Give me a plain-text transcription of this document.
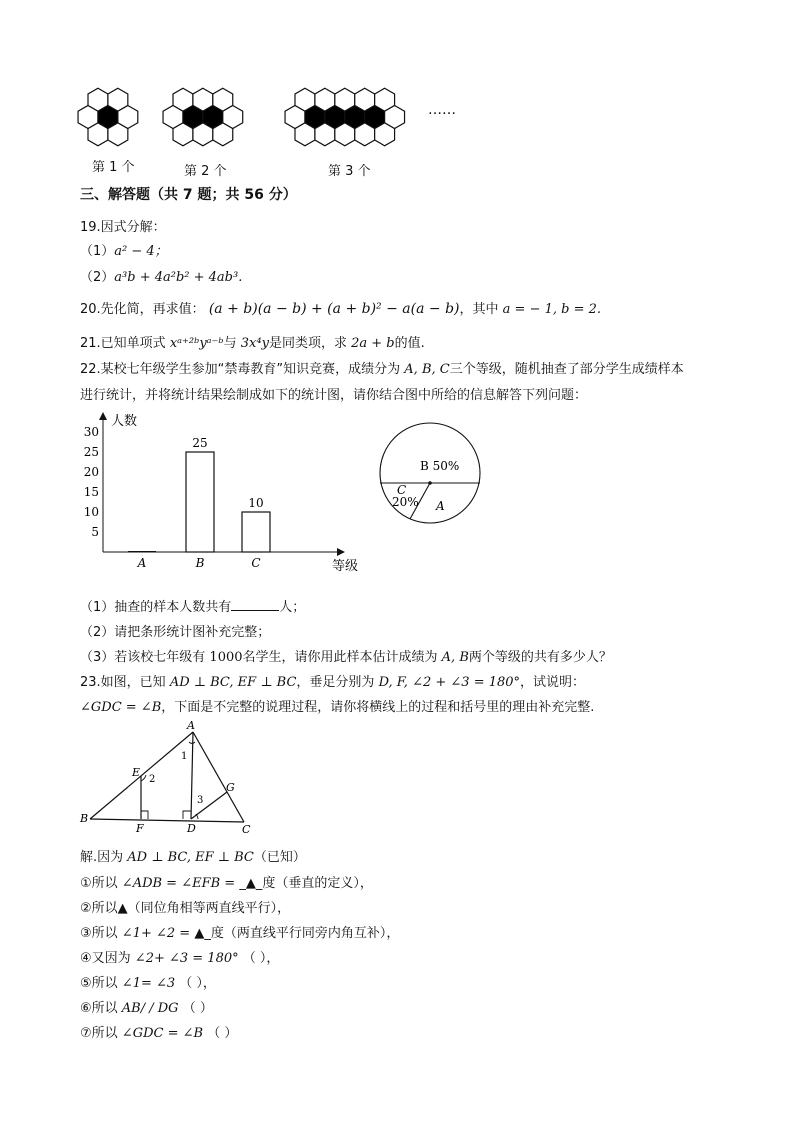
……
第 1 个	第 2 个	第 3 个
三、解答题（共 7 题；共 56 分）
19.因式分解：
（1）a² − 4；
（2）a³b + 4a²b² + 4ab³.
20.先化简，再求值： (a + b)(a − b) + (a + b)² − a(a − b)，其中 a = − 1, b = 2.
21.已知单项式 xᵃ⁺²ᵇyᵃ⁻ᵇ与 3x⁴y是同类项，求 2a + b的值.
22.某校七年级学生参加“禁毒教育”知识竞赛，成绩分为 A, B, C三个等级，随机抽查了部分学生成绩样本
进行统计，并将统计结果绘制成如下的统计图，请你结合图中所给的信息解答下列问题：
人数
等级
5
10
15
20
25
30
A
25
B
10
C
B 50%
C
20% A
（1）抽查的样本人数共有	人；
（2）请把条形统计图补充完整；
（3）若该校七年级有 1000名学生，请你用此样本估计成绩为 A, B两个等级的共有多少人？
23.如图，已知 AD ⊥ BC, EF ⊥ BC，垂足分别为 D, F, ∠2 + ∠3 = 180°，试说明：
∠GDC = ∠B，下面是不完整的说理过程，请你将横线上的过程和括号里的理由补充完整.
A
B
C
D
E
F
G
1
2
3
解.因为 AD ⊥ BC, EF ⊥ BC（已知）
①所以 ∠ADB = ∠EFB = _▲_度（垂直的定义），
②所以▲（同位角相等两直线平行），
③所以 ∠1+ ∠2 = ▲_度（两直线平行同旁内角互补），
④又因为 ∠2+ ∠3 = 180° （ ），
⑤所以 ∠1= ∠3 （ ），
⑥所以 AB/ / DG （ ）
⑦所以 ∠GDC = ∠B （ ）
